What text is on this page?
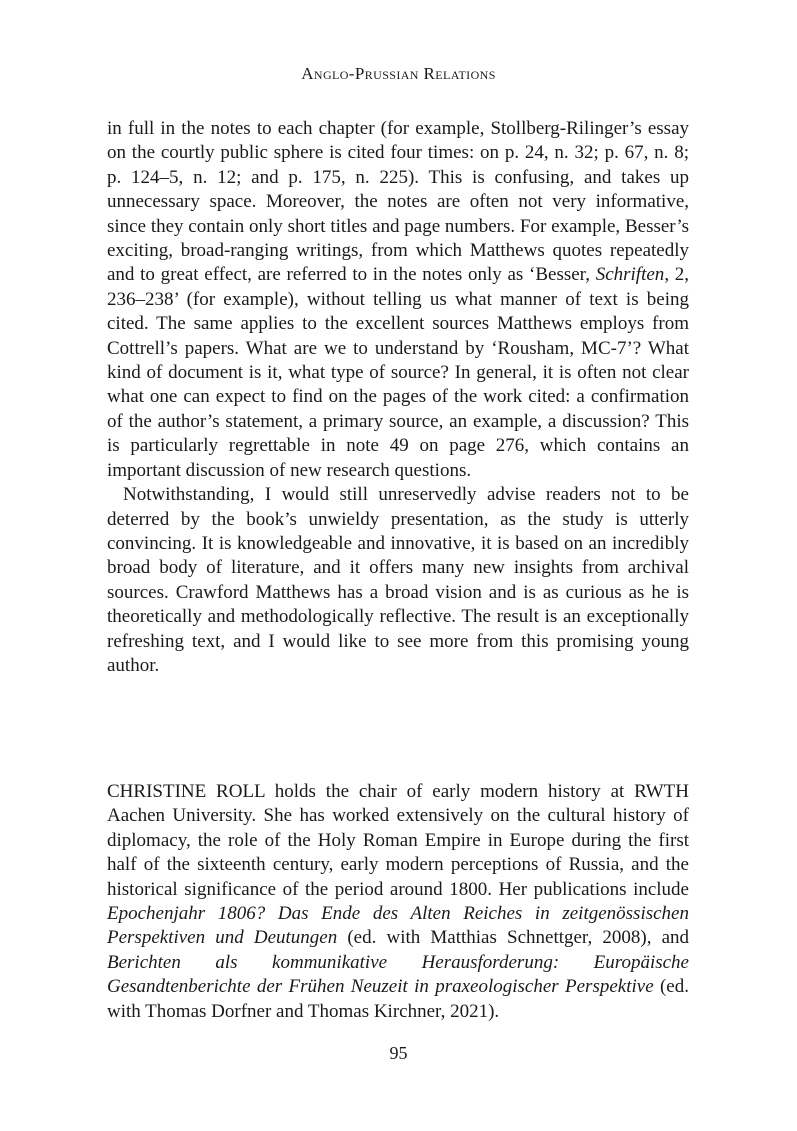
Anglo-Prussian Relations

in full in the notes to each chapter (for example, Stollberg-Rilinger’s essay on the courtly public sphere is cited four times: on p. 24, n. 32; p. 67, n. 8; p. 124–5, n. 12; and p. 175, n. 225). This is confusing, and takes up unnecessary space. Moreover, the notes are often not very informative, since they contain only short titles and page numbers. For example, Besser’s exciting, broad-ranging writings, from which Matthews quotes repeatedly and to great effect, are referred to in the notes only as ‘Besser, Schriften, 2, 236–238’ (for example), without telling us what manner of text is being cited. The same applies to the excellent sources Matthews employs from Cottrell’s papers. What are we to understand by ‘Rousham, MC-7’? What kind of document is it, what type of source? In general, it is often not clear what one can expect to find on the pages of the work cited: a confirmation of the author’s statement, a primary source, an example, a discussion? This is particularly regrettable in note 49 on page 276, which contains an important discussion of new research questions.

Notwithstanding, I would still unreservedly advise readers not to be deterred by the book’s unwieldy presentation, as the study is utterly convincing. It is knowledgeable and innovative, it is based on an incredibly broad body of literature, and it offers many new insights from archival sources. Crawford Matthews has a broad vision and is as curious as he is theoretically and methodologically reflective. The result is an exceptionally refreshing text, and I would like to see more from this promising young author.

CHRISTINE ROLL holds the chair of early modern history at RWTH Aachen University. She has worked extensively on the cultural history of diplomacy, the role of the Holy Roman Empire in Europe during the first half of the sixteenth century, early modern perceptions of Russia, and the historical significance of the period around 1800. Her publications include Epochenjahr 1806? Das Ende des Alten Reiches in zeitgenössischen Perspektiven und Deutungen (ed. with Matthias Schnettger, 2008), and Berichten als kommunikative Herausforderung: Europäische Gesandtenberichte der Frühen Neuzeit in praxeologischer Perspektive (ed. with Thomas Dorfner and Thomas Kirchner, 2021).

95
